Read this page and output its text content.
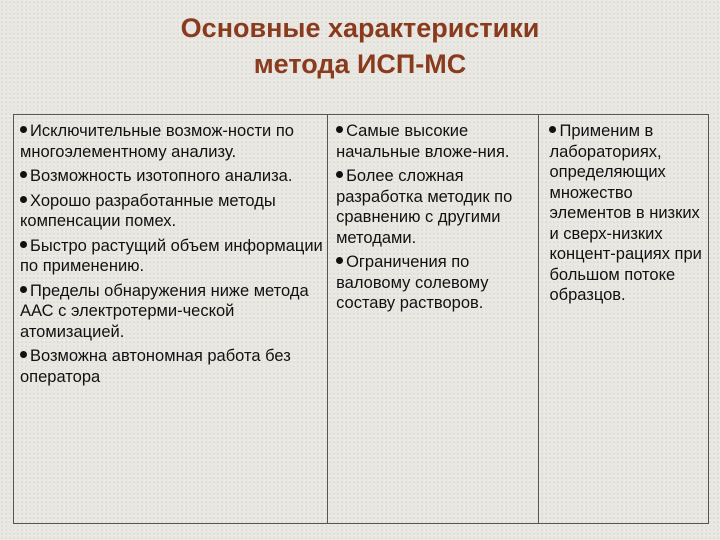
Основные характеристики
метода ИСП-МС
Исключительные возмож-ности по многоэлементному анализу.
Возможность изотопного анализа.
Хорошо разработанные методы компенсации помех.
Быстро растущий объем информации по применению.
Пределы обнаружения ниже метода ААС с электротерми-ческой атомизацией.
Возможна автономная работа без оператора
Самые высокие начальные вложе-ния.
Более сложная разработка методик по сравнению с другими методами.
Ограничения по валовому солевому составу растворов.
Применим в лабораториях, определяющих множество элементов в низких и сверх-низких концент-рациях при большом потоке образцов.
